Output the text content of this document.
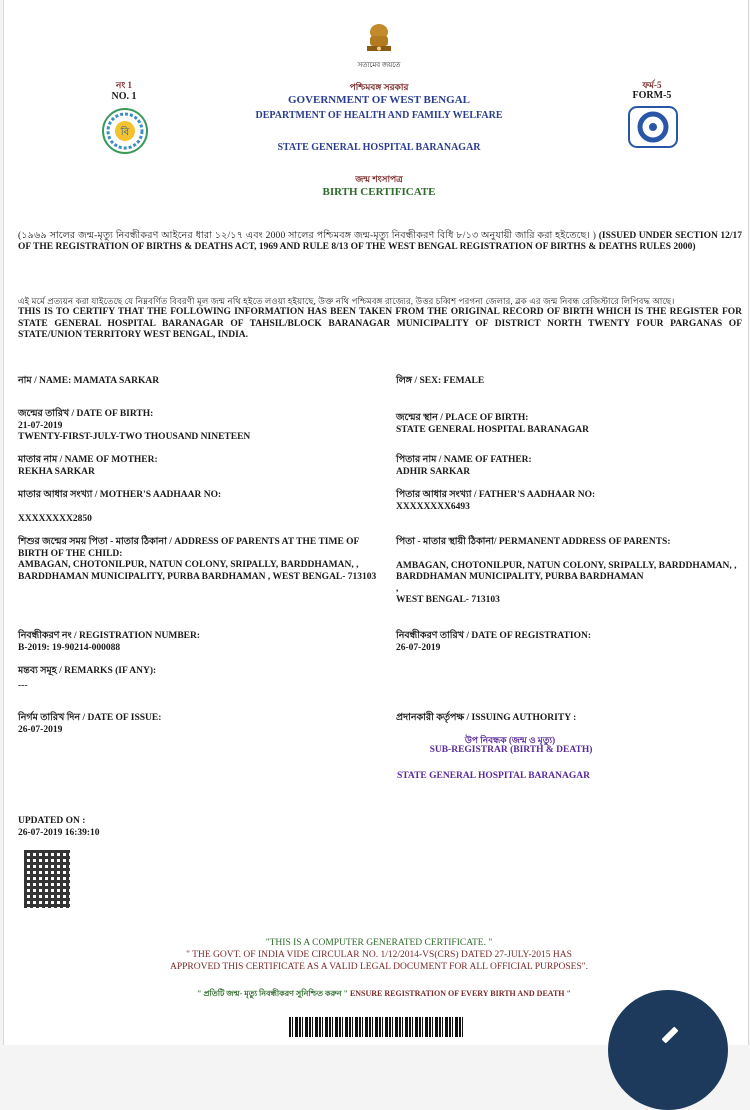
সত্যমেব জয়তে
নং 1
NO. 1
বি
ফর্ম-5
FORM-5
পশ্চিমবঙ্গ সরকার
GOVERNMENT OF WEST BENGAL
DEPARTMENT OF HEALTH AND FAMILY WELFARE
STATE GENERAL HOSPITAL BARANAGAR
জন্ম শংসাপত্র
BIRTH CERTIFICATE
(১৯৬৯ সালের জন্ম-মৃত্যু নিবন্ধীকরণ আইনের ধারা ১২/১৭ এবং 2000 সালের পশ্চিমবঙ্গ জন্ম-মৃত্যু নিবন্ধীকরণ বিধি ৮/১৩ অনুযায়ী জারি করা হইতেছে। ) (ISSUED UNDER SECTION 12/17 OF THE REGISTRATION OF BIRTHS & DEATHS ACT, 1969 AND RULE 8/13 OF THE WEST BENGAL REGISTRATION OF BIRTHS & DEATHS RULES 2000)
এই মর্মে প্রত্যয়ন করা যাইতেছে যে নিম্নবর্ণিত বিবরণী মূল জন্ম নথি হইতে লওয়া হইয়াছে, উক্ত নথি পশ্চিমবঙ্গ রাজ্যের, উত্তর চব্বিশ পরগনা জেলার, ব্লক এর জন্ম নিবন্ধ রেজিস্টারে লিপিবদ্ধ আছে।
THIS IS TO CERTIFY THAT THE FOLLOWING INFORMATION HAS BEEN TAKEN FROM THE ORIGINAL RECORD OF BIRTH WHICH IS THE REGISTER FOR STATE GENERAL HOSPITAL BARANAGAR OF TAHSIL/BLOCK BARANAGAR MUNICIPALITY OF DISTRICT NORTH TWENTY FOUR PARGANAS OF STATE/UNION TERRITORY WEST BENGAL, INDIA.
নাম / NAME: MAMATA SARKAR	লিঙ্গ / SEX: FEMALE
জন্মের তারিখ / DATE OF BIRTH:
21-07-2019
TWENTY-FIRST-JULY-TWO THOUSAND NINETEEN
জন্মের স্থান / PLACE OF BIRTH:
STATE GENERAL HOSPITAL BARANAGAR
মাতার নাম / NAME OF MOTHER:
REKHA SARKAR
পিতার নাম / NAME OF FATHER:
ADHIR SARKAR
মাতার আধার সংখ্যা / MOTHER'S AADHAAR NO:
XXXXXXXX2850
পিতার আধার সংখ্যা / FATHER'S AADHAAR NO:
XXXXXXXX6493
শিশুর জন্মের সময় পিতা - মাতার ঠিকানা / ADDRESS OF PARENTS AT THE TIME OF BIRTH OF THE CHILD:
AMBAGAN, CHOTONILPUR, NATUN COLONY, SRIPALLY, BARDDHAMAN, , BARDDHAMAN MUNICIPALITY, PURBA BARDHAMAN , WEST BENGAL- 713103
পিতা - মাতার স্থায়ী ঠিকানা/ PERMANENT ADDRESS OF PARENTS:
AMBAGAN, CHOTONILPUR, NATUN COLONY, SRIPALLY, BARDDHAMAN, , BARDDHAMAN MUNICIPALITY, PURBA BARDHAMAN
,
WEST BENGAL- 713103
নিবন্ধীকরণ নং / REGISTRATION NUMBER:
B-2019: 19-90214-000088
নিবন্ধীকরণ তারিখ / DATE OF REGISTRATION:
26-07-2019
মন্তব্য সমূহ / REMARKS (IF ANY):
---
নির্গম তারিখ দিন / DATE OF ISSUE:
26-07-2019
প্রদানকারী কর্তৃপক্ষ / ISSUING AUTHORITY :
উপ নিবন্ধক (জন্ম ও মৃত্যু)
SUB-REGISTRAR (BIRTH & DEATH)
STATE GENERAL HOSPITAL BARANAGAR
UPDATED ON :
26-07-2019 16:39:10
"THIS IS A COMPUTER GENERATED CERTIFICATE. "
" THE GOVT. OF INDIA VIDE CIRCULAR NO. 1/12/2014-VS(CRS) DATED 27-JULY-2015 HAS
APPROVED THIS CERTIFICATE AS A VALID LEGAL DOCUMENT FOR ALL OFFICIAL PURPOSES".
" প্রতিটি জন্ম- মৃত্যু নিবন্ধীকরণ সুনিশ্চিত করুন " ENSURE REGISTRATION OF EVERY BIRTH AND DEATH "
